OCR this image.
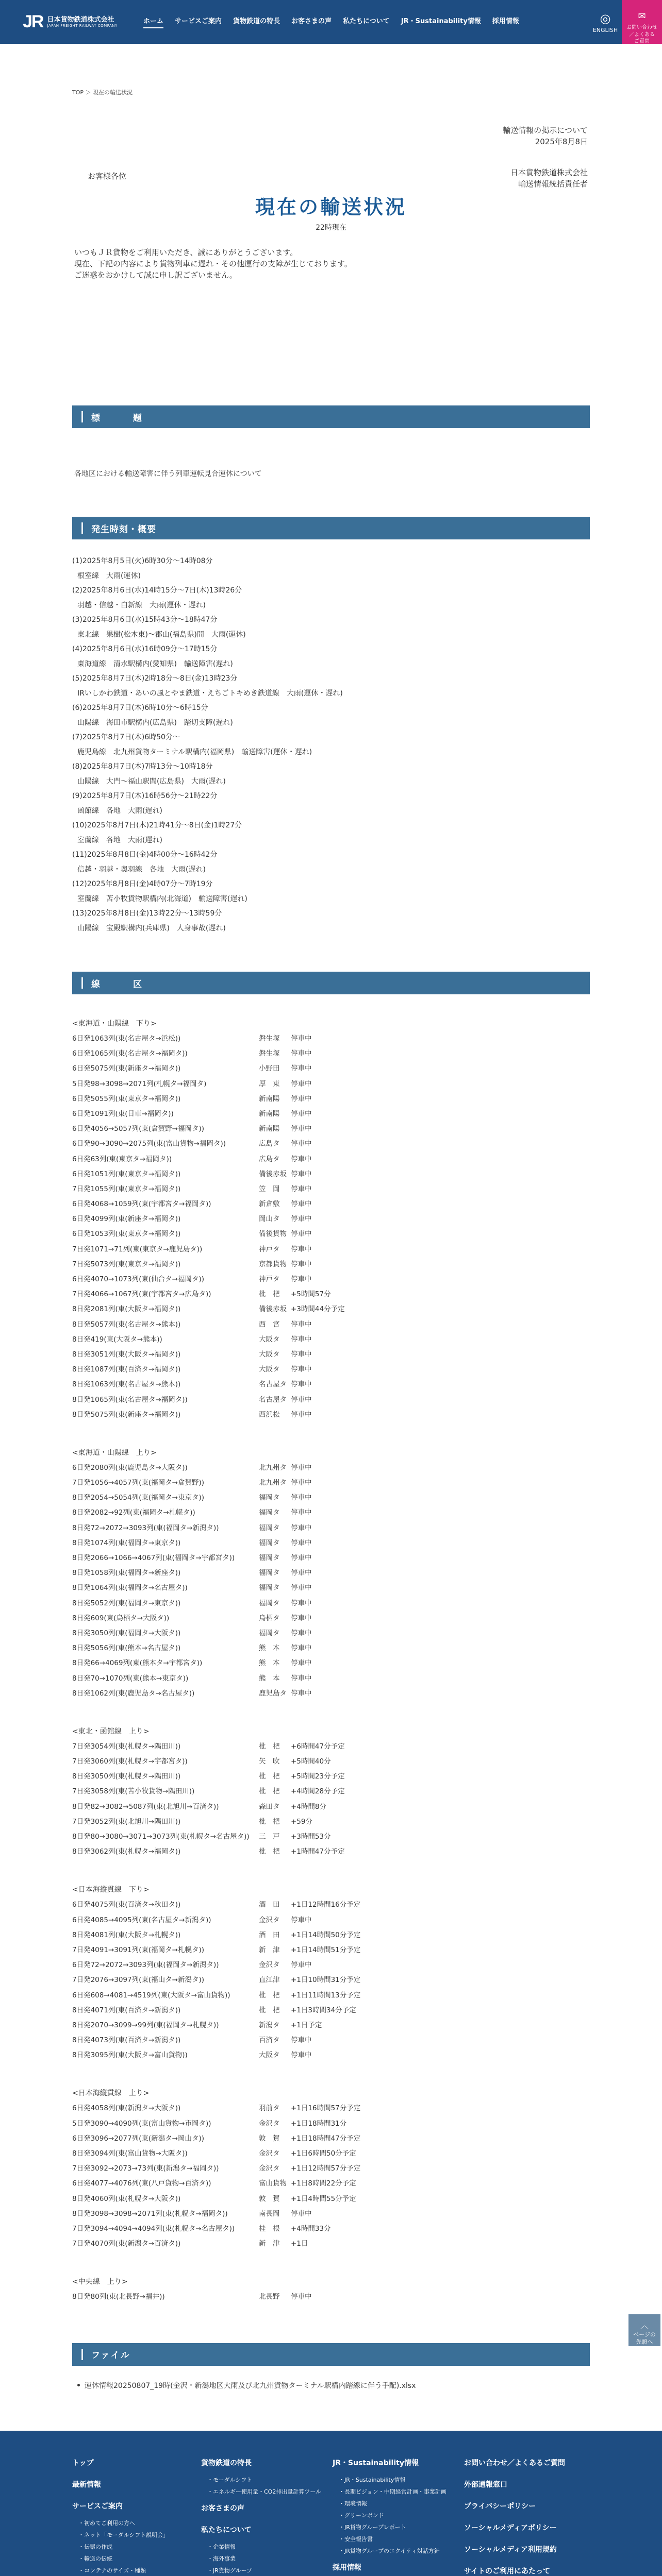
JR 日本貨物鉄道株式会社
JAPAN FREIGHT RAILWAY COMPANY
ホーム サービスご案内 貨物鉄道の特長 お客さまの声 私たちについて JR・Sustainability情報 採用情報	◎
ENGLISH
✉
お問い合わせ
／よくある
ご質問
TOP ＞ 現在の輸送状況
輸送情報の掲示について
2025年8月8日
お客様各位	日本貨物鉄道株式会社
輸送情報統括責任者
現在の輸送状況
22時現在
いつもＪＲ貨物をご利用いただき、誠にありがとうございます。
現在、下記の内容により貨物列車に遅れ・その他運行の支障が生じております。
ご迷惑をおかけして誠に申し訳ございません。
標　　題
各地区における輸送障害に伴う列車運転見合運休について
発生時刻・概要
(1)2025年8月5日(火)6時30分〜14時08分
根室線　大雨(運休)
(2)2025年8月6日(水)14時15分〜7日(木)13時26分
羽越・信越・白新線　大雨(運休・遅れ)
(3)2025年8月6日(水)15時43分〜18時47分
東北線　果樹(松木東)〜郡山(福島県)間　大雨(運休)
(4)2025年8月6日(水)16時09分〜17時15分
東海道線　清水駅構内(愛知県)　輸送障害(遅れ)
(5)2025年8月7日(木)2時18分〜8日(金)13時23分
IRいしかわ鉄道・あいの風とやま鉄道・えちごトキめき鉄道線　大雨(運休・遅れ)
(6)2025年8月7日(木)6時10分〜6時15分
山陽線　海田市駅構内(広島県)　踏切支障(遅れ)
(7)2025年8月7日(木)6時50分〜
鹿児島線　北九州貨物ターミナル駅構内(福岡県)　輸送障害(運休・遅れ)
(8)2025年8月7日(木)7時13分〜10時18分
山陽線　大門〜福山駅間(広島県)　大雨(遅れ)
(9)2025年8月7日(木)16時56分〜21時22分
函館線　各地　大雨(遅れ)
(10)2025年8月7日(木)21時41分〜8日(金)1時27分
室蘭線　各地　大雨(遅れ)
(11)2025年8月8日(金)4時00分〜16時42分
信越・羽越・奥羽線　各地　大雨(遅れ)
(12)2025年8月8日(金)4時07分〜7時19分
室蘭線　苫小牧貨物駅構内(北海道)　輸送障害(遅れ)
(13)2025年8月8日(金)13時22分〜13時59分
山陽線　宝殿駅構内(兵庫県)　人身事故(遅れ)
線　　区
<東海道・山陽線　下り>
6日発1063列(東(名古屋タ→浜松))	磐生塚	停車中
6日発1065列(東(名古屋タ→福岡タ))	磐生塚	停車中
6日発5075列(東(新座タ→福岡タ))	小野田	停車中
5日発98→3098→2071列(札幌タ→福岡タ)	厚　東	停車中
6日発5055列(東(東京タ→福岡タ))	新南陽	停車中
6日発1091列(東(日車→福岡タ))	新南陽	停車中
6日発4056→5057列(東(倉賀野→福岡タ))	新南陽	停車中
6日発90→3090→2075列(東(富山貨物→福岡タ))	広島タ	停車中
6日発63列(東(東京タ→福岡タ))	広島タ	停車中
6日発1051列(東(東京タ→福岡タ))	備後赤坂 停車中
7日発1055列(東(東京タ→福岡タ))	笠　岡	停車中
6日発4068→1059列(東(宇都宮タ→福岡タ))	新倉敷	停車中
6日発4099列(東(新座タ→福岡タ))	岡山タ	停車中
6日発1053列(東(東京タ→福岡タ))	備後貨物 停車中
7日発1071→71列(東(東京タ→鹿児島タ))	神戸タ	停車中
7日発5073列(東(東京タ→福岡タ))	京都貨物 停車中
6日発4070→1073列(東(仙台タ→福岡タ))	神戸タ	停車中
7日発4066→1067列(東(宇都宮タ→広島タ))	枇　杷	+5時間57分
8日発2081列(東(大阪タ→福岡タ))	備後赤坂 +3時間44分予定
8日発5057列(東(名古屋タ→熊本))	西　宮	停車中
8日発419(東(大阪タ→熊本))	大阪タ	停車中
8日発3051列(東(大阪タ→福岡タ))	大阪タ	停車中
8日発1087列(東(百済タ→福岡タ))	大阪タ	停車中
8日発1063列(東(名古屋タ→熊本))	名古屋タ 停車中
8日発1065列(東(名古屋タ→福岡タ))	名古屋タ 停車中
8日発5075列(東(新座タ→福岡タ))	西浜松	停車中
<東海道・山陽線　上り>
6日発2080列(東(鹿児島タ→大阪タ))	北九州タ 停車中
7日発1056→4057列(東(福岡タ→倉賀野))	北九州タ 停車中
8日発2054→5054列(東(福岡タ→東京タ))	福岡タ	停車中
8日発2082→92列(東(福岡タ→札幌タ))	福岡タ	停車中
8日発72→2072→3093列(東(福岡タ→新潟タ))	福岡タ	停車中
8日発1074列(東(福岡タ→東京タ))	福岡タ	停車中
8日発2066→1066→4067列(東(福岡タ→宇都宮タ))	福岡タ	停車中
8日発1058列(東(福岡タ→新座タ))	福岡タ	停車中
8日発1064列(東(福岡タ→名古屋タ))	福岡タ	停車中
8日発5052列(東(福岡タ→東京タ))	福岡タ	停車中
8日発609(東(鳥栖タ→大阪タ))	鳥栖タ	停車中
8日発3050列(東(福岡タ→大阪タ))	福岡タ	停車中
8日発5056列(東(熊本→名古屋タ))	熊　本	停車中
8日発66→4069列(東(熊本タ→宇都宮タ))	熊　本	停車中
8日発70→1070列(東(熊本→東京タ))	熊　本	停車中
8日発1062列(東(鹿児島タ→名古屋タ))	鹿児島タ 停車中
<東北・函館線　上り>
7日発3054列(東(札幌タ→隅田川))	枇　杷	+6時間47分予定
7日発3060列(東(札幌タ→宇都宮タ))	矢　吹	+5時間40分
8日発3050列(東(札幌タ→隅田川))	枇　杷	+5時間23分予定
7日発3058列(東(苫小牧貨物→隅田川))	枇　杷	+4時間28分予定
8日発82→3082→5087列(東(北旭川→百済タ))	森田タ	+4時間8分
7日発3052列(東(北旭川→隅田川))	枇　杷	+59分
8日発80→3080→3071→3073列(東(札幌タ→名古屋タ))	三　戸	+3時間53分
8日発3062列(東(札幌タ→福岡タ))	枇　杷	+1時間47分予定
<日本海縦貫線　下り>
6日発4075列(東(百済タ→秋田タ))	酒　田	+1日12時間16分予定
6日発4085→4095列(東(名古屋タ→新潟タ))	金沢タ	停車中
8日発4081列(東(大阪タ→札幌タ))	酒　田	+1日14時間50分予定
7日発4091→3091列(東(福岡タ→札幌タ))	新　津	+1日14時間51分予定
6日発72→2072→3093列(東(福岡タ→新潟タ))	金沢タ	停車中
7日発2076→3097列(東(福山タ→新潟タ))	直江津	+1日10時間31分予定
6日発608→4081→4519列(東(大阪タ→富山貨物))	枇　杷	+1日11時間13分予定
8日発4071列(東(百済タ→新潟タ))	枇　杷	+1日3時間34分予定
8日発2070→3099→99列(東(福岡タ→札幌タ))	新潟タ	+1日予定
8日発4073列(東(百済タ→新潟タ))	百済タ	停車中
8日発3095列(東(大阪タ→富山貨物))	大阪タ	停車中
<日本海縦貫線　上り>
6日発4058列(東(新潟タ→大阪タ))	羽前タ	+1日16時間57分予定
5日発3090→4090列(東(富山貨物→市岡タ))	金沢タ	+1日18時間31分
6日発3096→2077列(東(新潟タ→岡山タ))	敦　賀	+1日18時間47分予定
8日発3094列(東(富山貨物→大阪タ))	金沢タ	+1日6時間50分予定
7日発3092→2073→73列(東(新潟タ→福岡タ))	金沢タ	+1日12時間57分予定
6日発4077→4076列(東(八戸貨物→百済タ))	富山貨物 +1日8時間22分予定
8日発4060列(東(札幌タ→大阪タ))	敦　賀	+1日4時間55分予定
8日発3098→3098→2071列(東(札幌タ→福岡タ))	南長岡	停車中
7日発3094→4094→4094列(東(札幌タ→名古屋タ))	桂　根	+4時間33分
7日発4070列(東(新潟タ→百済タ))	新　津	+1日
<中央線　上り>
8日発80列(東(北長野→福井))	北長野	停車中
ファイル
運休情報20250807_19時(金沢・新潟地区大雨及び北九州貨物ターミナル駅構内踏線に伴う手配).xlsx
︿
ページの
先頭へ
トップ
最新情報
サービスご案内
・初めてご利用の方へ
・ネット「モーダルシフト説明会」
・伝票の作成
・輸送の伝統
・コンテナのサイズ・種類
貨物鉄道の特長
・モーダルシフト
・エネルギー使用量・CO2排出量計算ツール
お客さまの声
私たちについて
・企業情報
・海外事業
・JR貨物グループ
JR・Sustainability情報
・JR・Sustainability情報
・長期ビジョン・中期経営計画・事業計画
・環境情報
・グリーンボンド
・JR貨物グループレポート
・安全報告書
・JR貨物グループのエクイティ対話方針
採用情報
お問い合わせ／よくあるご質問
外部通報窓口
プライバシーポリシー
ソーシャルメディアポリシー
ソーシャルメディア利用規約
サイトのご利用にあたって
